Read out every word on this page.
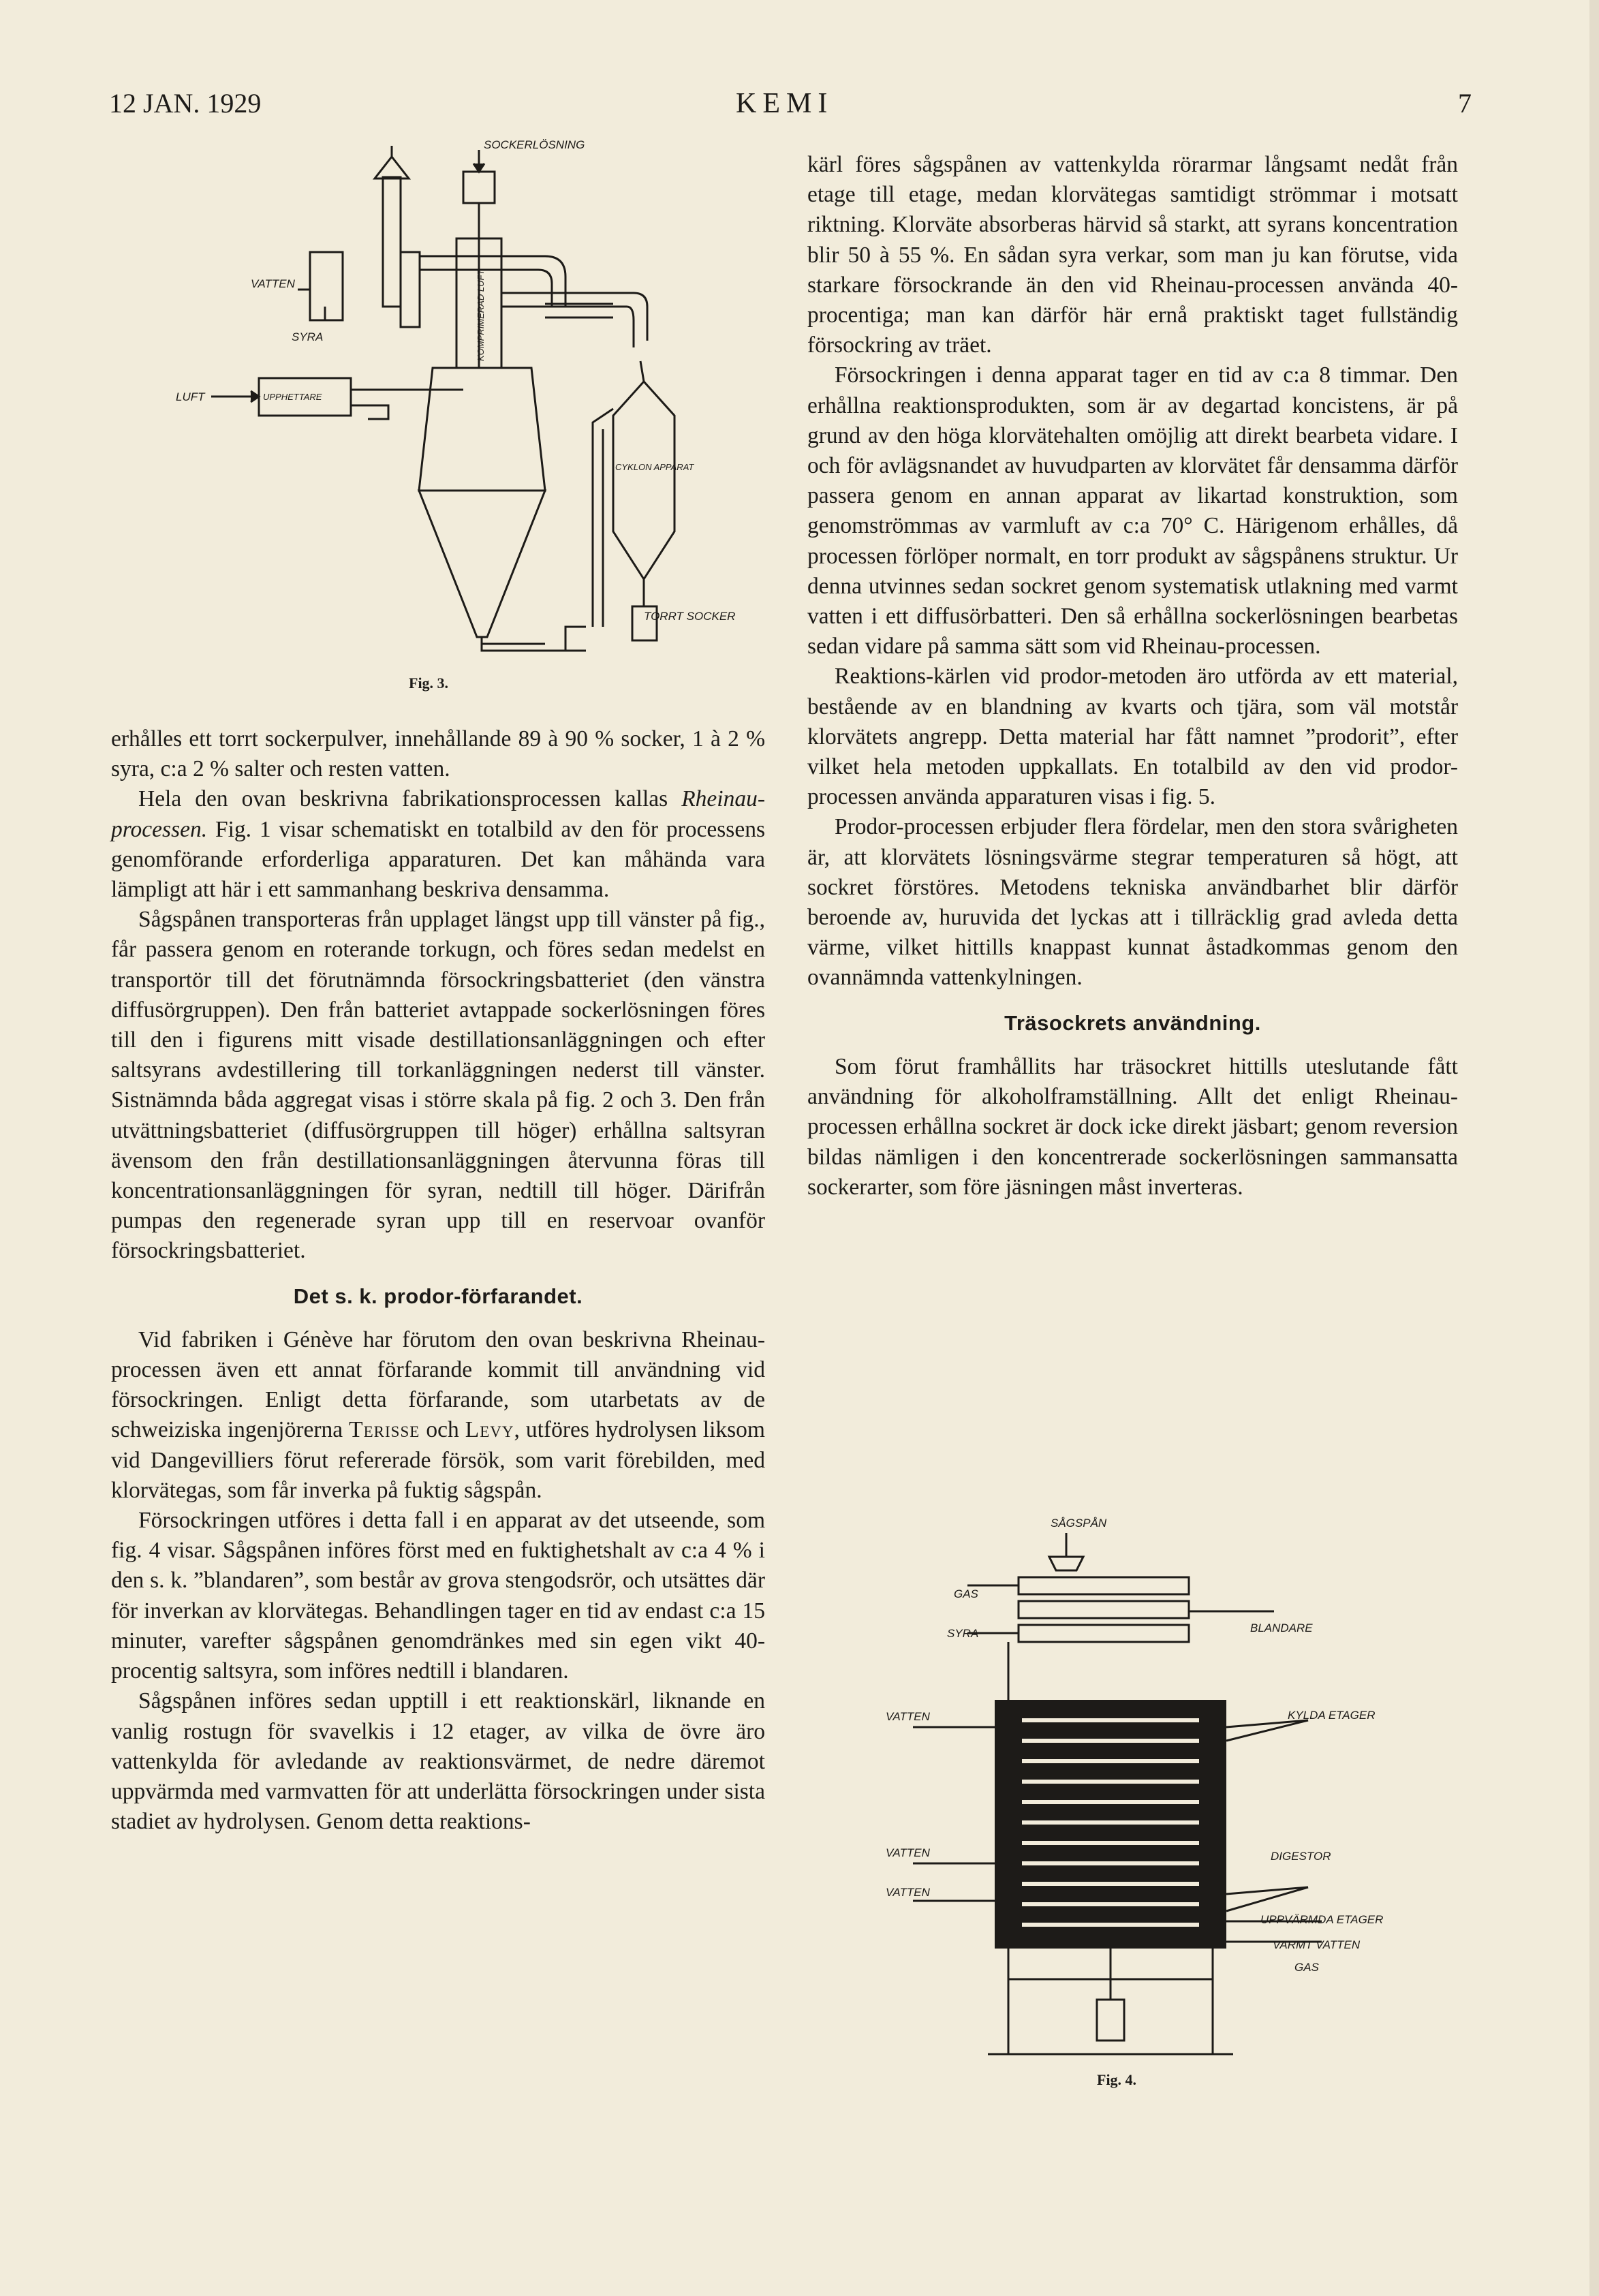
12 JAN. 1929	KEMI	7
SOCKERLÖSNING
VATTEN
SYRA
LUFT	UPPHETTARE
KOMPRIMERAD LUFT
CYKLON APPARAT
TORRT SOCKER
Fig. 3.
SÅGSPÅN
GAS
SYRA	BLANDARE
VATTEN	KYLDA ETAGER
DIGESTOR
VATTEN
UPPVÄRMDA ETAGER
VATTEN
VARMT VATTEN
GAS
Fig. 4.

erhålles ett torrt sockerpulver, innehållande 89 à 90 % socker, 1 à 2 % syra, c:a 2 % salter och resten vatten.

Hela den ovan beskrivna fabrikationsprocessen kallas Rheinau-processen. Fig. 1 visar schematiskt en totalbild av den för processens genomförande erforderliga apparaturen. Det kan måhända vara lämpligt att här i ett sammanhang beskriva densamma.

Sågspånen transporteras från upplaget längst upp till vänster på fig., får passera genom en roterande torkugn, och föres sedan medelst en transportör till det förutnämnda försockringsbatteriet (den vänstra diffusörgruppen). Den från batteriet avtappade sockerlösningen föres till den i figurens mitt visade destillationsanläggningen och efter saltsyrans avdestillering till torkanläggningen nederst till vänster. Sistnämnda båda aggregat visas i större skala på fig. 2 och 3. Den från utvättningsbatteriet (diffusörgruppen till höger) erhållna saltsyran ävensom den från destillationsanläggningen återvunna föras till koncentrationsanläggningen för syran, nedtill till höger. Därifrån pumpas den regenerade syran upp till en reservoar ovanför försockringsbatteriet.

Det s. k. prodor-förfarandet.

Vid fabriken i Génève har förutom den ovan beskrivna Rheinau-processen även ett annat förfarande kommit till användning vid försockringen. Enligt detta förfarande, som utarbetats av de schweiziska ingenjörerna Terisse och Levy, utföres hydrolysen liksom vid Dangevilliers förut refererade försök, som varit förebilden, med klorvätegas, som får inverka på fuktig sågspån.

Försockringen utföres i detta fall i en apparat av det utseende, som fig. 4 visar. Sågspånen införes först med en fuktighetshalt av c:a 4 % i den s. k. ”blandaren”, som består av grova stengodsrör, och utsättes där för inverkan av klorvätegas. Behandlingen tager en tid av endast c:a 15 minuter, varefter sågspånen genomdränkes med sin egen vikt 40-procentig saltsyra, som införes nedtill i blandaren.

Sågspånen införes sedan upptill i ett reaktionskärl, liknande en vanlig rostugn för svavelkis i 12 etager, av vilka de övre äro vattenkylda för avledande av reaktionsvärmet, de nedre däremot uppvärmda med varmvatten för att underlätta försockringen under sista stadiet av hydrolysen. Genom detta reaktions-

kärl föres sågspånen av vattenkylda rörarmar långsamt nedåt från etage till etage, medan klorvätegas samtidigt strömmar i motsatt riktning. Klorväte absorberas härvid så starkt, att syrans koncentration blir 50 à 55 %. En sådan syra verkar, som man ju kan förutse, vida starkare försockrande än den vid Rheinau-processen använda 40-procentiga; man kan därför här ernå praktiskt taget fullständig försockring av träet.

Försockringen i denna apparat tager en tid av c:a 8 timmar. Den erhållna reaktionsprodukten, som är av degartad koncistens, är på grund av den höga klorvätehalten omöjlig att direkt bearbeta vidare. I och för avlägsnandet av huvudparten av klorvätet får densamma därför passera genom en annan apparat av likartad konstruktion, som genomströmmas av varmluft av c:a 70° C. Härigenom erhålles, då processen förlöper normalt, en torr produkt av sågspånens struktur. Ur denna utvinnes sedan sockret genom systematisk utlakning med varmt vatten i ett diffusörbatteri. Den så erhållna sockerlösningen bearbetas sedan vidare på samma sätt som vid Rheinau-processen.

Reaktions-kärlen vid prodor-metoden äro utförda av ett material, bestående av en blandning av kvarts och tjära, som väl motstår klorvätets angrepp. Detta material har fått namnet ”prodorit”, efter vilket hela metoden uppkallats. En totalbild av den vid prodor-processen använda apparaturen visas i fig. 5.

Prodor-processen erbjuder flera fördelar, men den stora svårigheten är, att klorvätets lösningsvärme stegrar temperaturen så högt, att sockret förstöres. Metodens tekniska användbarhet blir därför beroende av, huruvida det lyckas att i tillräcklig grad avleda detta värme, vilket hittills knappast kunnat åstadkommas genom den ovannämnda vattenkylningen.

Träsockrets användning.

Som förut framhållits har träsockret hittills uteslutande fått användning för alkoholframställning. Allt det enligt Rheinau-processen erhållna sockret är dock icke direkt jäsbart; genom reversion bildas nämligen i den koncentrerade sockerlösningen sammansatta sockerarter, som före jäsningen måst inverteras.
